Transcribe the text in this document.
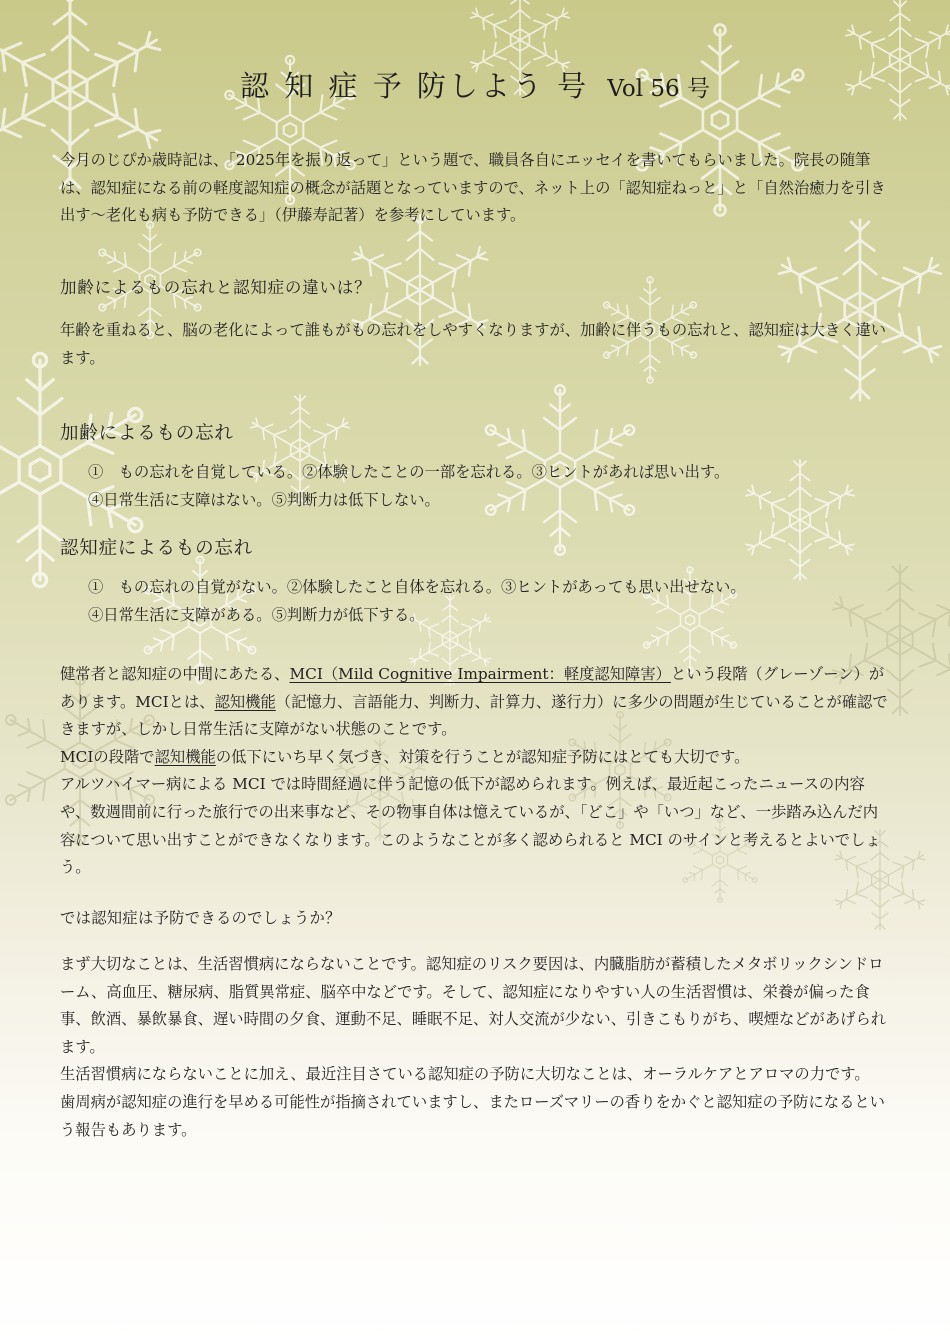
認 知 症 予 防しよう 号 Vol 56 号

今月のじぴか歳時記は、「2025年を振り返って」という題で、職員各自にエッセイを書いてもらいました。院長の随筆は、認知症になる前の軽度認知症の概念が話題となっていますので、ネット上の「認知症ねっと」と「自然治癒力を引き出す〜老化も病も予防できる」（伊藤寿記著）を参考にしています。

加齢によるもの忘れと認知症の違いは？

年齢を重ねると、脳の老化によって誰もがもの忘れをしやすくなりますが、加齢に伴うもの忘れと、認知症は大きく違います。

加齢によるもの忘れ
①　もの忘れを自覚している。②体験したことの一部を忘れる。③ヒントがあれば思い出す。
④日常生活に支障はない。⑤判断力は低下しない。
認知症によるもの忘れ
①　もの忘れの自覚がない。②体験したこと自体を忘れる。③ヒントがあっても思い出せない。
④日常生活に支障がある。⑤判断力が低下する。

健常者と認知症の中間にあたる、MCI（Mild Cognitive Impairment：軽度認知障害）という段階（グレーゾーン）があります。MCIとは、認知機能（記憶力、言語能力、判断力、計算力、遂行力）に多少の問題が生じていることが確認できますが、しかし日常生活に支障がない状態のことです。
MCIの段階で認知機能の低下にいち早く気づき、対策を行うことが認知症予防にはとても大切です。
アルツハイマー病による MCI では時間経過に伴う記憶の低下が認められます。例えば、最近起こったニュースの内容や、数週間前に行った旅行での出来事など、その物事自体は憶えているが、「どこ」や「いつ」など、一歩踏み込んだ内容について思い出すことができなくなります。このようなことが多く認められると MCI のサインと考えるとよいでしょう。

では認知症は予防できるのでしょうか？

まず大切なことは、生活習慣病にならないことです。認知症のリスク要因は、内臓脂肪が蓄積したメタボリックシンドローム、高血圧、糖尿病、脂質異常症、脳卒中などです。そして、認知症になりやすい人の生活習慣は、栄養が偏った食事、飲酒、暴飲暴食、遅い時間の夕食、運動不足、睡眠不足、対人交流が少ない、引きこもりがち、喫煙などがあげられます。
生活習慣病にならないことに加え、最近注目さている認知症の予防に大切なことは、オーラルケアとアロマの力です。
歯周病が認知症の進行を早める可能性が指摘されていますし、またローズマリーの香りをかぐと認知症の予防になるという報告もあります。
